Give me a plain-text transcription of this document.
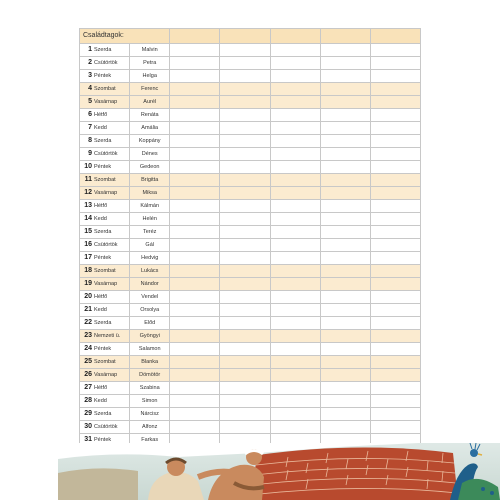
Családtagok:						
1 Szerda	Malvin					
2 Csütörtök	Petra					
3 Péntek	Helga					
4 Szombat	Ferenc					
5 Vasárnap	Aurél					
6 Hétfő	Renáta					
7 Kedd	Amália					
8 Szerda	Koppány					
9 Csütörtök	Dénes					
10 Péntek	Gedeon					
11 Szombat	Brigitta					
12 Vasárnap	Miksa					
13 Hétfő	Kálmán					
14 Kedd	Helén					
15 Szerda	Teréz					
16 Csütörtök	Gál					
17 Péntek	Hedvig					
18 Szombat	Lukács					
19 Vasárnap	Nándor					
20 Hétfő	Vendel					
21 Kedd	Orsolya					
22 Szerda	Előd					
23 Nemzeti ü.	Gyöngyi					
24 Péntek	Salamon					
25 Szombat	Blanka					
26 Vasárnap	Dömötör					
27 Hétfő	Szabina					
28 Kedd	Simon					
29 Szerda	Nárcisz					
30 Csütörtök	Alfonz					
31 Péntek	Farkas					
